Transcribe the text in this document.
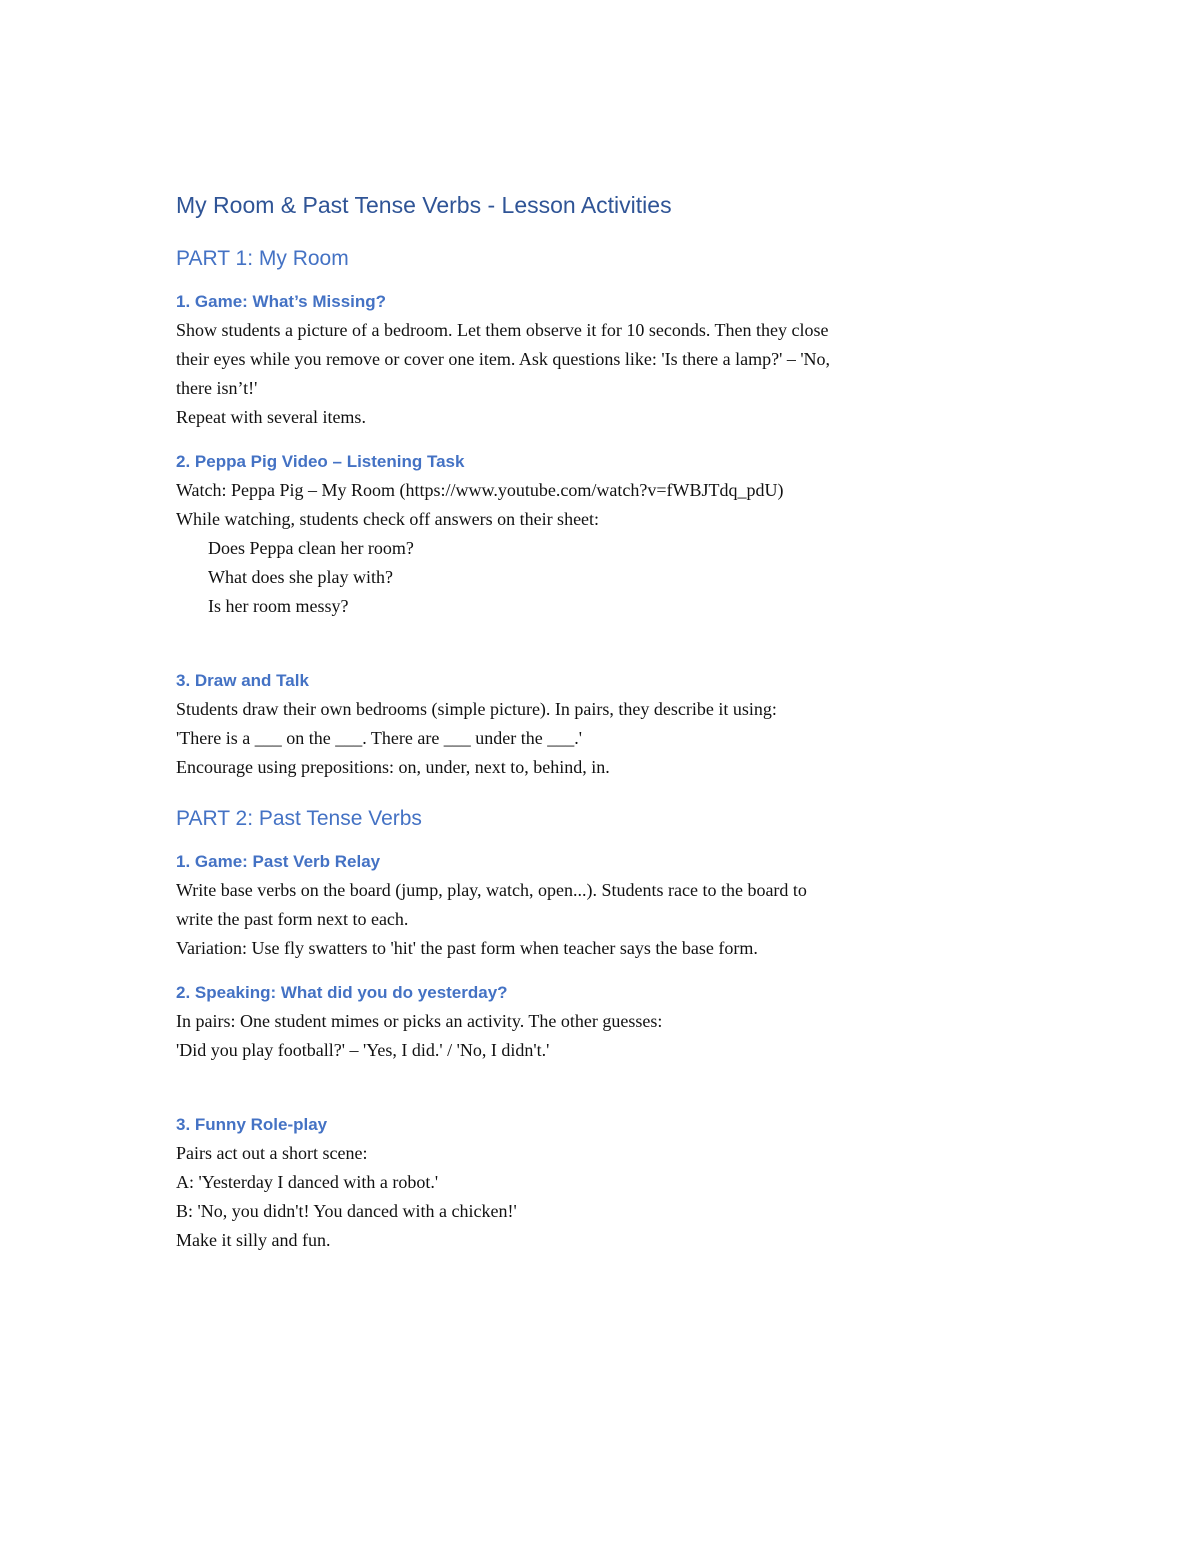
My Room & Past Tense Verbs - Lesson Activities
PART 1: My Room
1. Game: What’s Missing?

Show students a picture of a bedroom. Let them observe it for 10 seconds. Then they close

their eyes while you remove or cover one item. Ask questions like: 'Is there a lamp?' – 'No,

there isn’t!'

Repeat with several items.

2. Peppa Pig Video – Listening Task

Watch: Peppa Pig – My Room (https://www.youtube.com/watch?v=fWBJTdq_pdU)

While watching, students check off answers on their sheet:

Does Peppa clean her room?

What does she play with?

Is her room messy?

3. Draw and Talk

Students draw their own bedrooms (simple picture). In pairs, they describe it using:

'There is a ___ on the ___. There are ___ under the ___.'

Encourage using prepositions: on, under, next to, behind, in.

PART 2: Past Tense Verbs
1. Game: Past Verb Relay

Write base verbs on the board (jump, play, watch, open...). Students race to the board to

write the past form next to each.

Variation: Use fly swatters to 'hit' the past form when teacher says the base form.

2. Speaking: What did you do yesterday?

In pairs: One student mimes or picks an activity. The other guesses:

'Did you play football?' – 'Yes, I did.' / 'No, I didn't.'

3. Funny Role-play

Pairs act out a short scene:

A: 'Yesterday I danced with a robot.'

B: 'No, you didn't! You danced with a chicken!'

Make it silly and fun.
